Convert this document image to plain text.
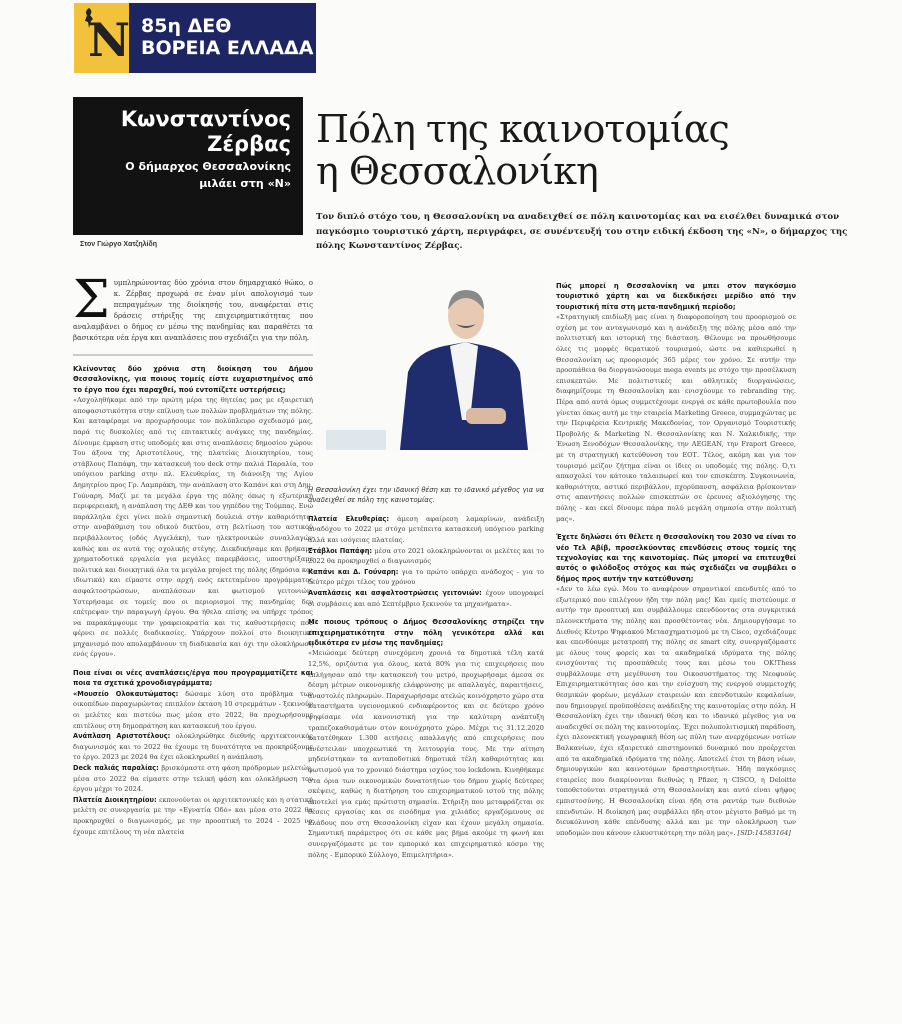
N 85η ΔΕΘ
ΒΟΡΕΙΑ ΕΛΛΑΔΑ
Κωνσταντίνος
Ζέρβας
Ο δήμαρχος Θεσσαλονίκης
μιλάει στη «Ν»
Στον Γιώργο Χατζηλίδη
Πόλη της καινοτομίας
η Θεσσαλονίκη
Τον διπλό στόχο του, η Θεσσαλονίκη να αναδειχθεί σε πόλη καινοτομίας και να εισέλθει δυναμικά στον παγκόσμιο τουριστικό χάρτη, περιγράφει, σε συνέντευξή του στην ειδική έκδοση της «Ν», ο δήμαρχος της πόλης Κωνσταντίνος Ζέρβας.
Συμπληρώνοντας δύο χρόνια στον δημαρχιακό θώκο, ο κ. Ζέρβας προχωρά σε έναν μίνι απολογισμό των πεπραγμένων της διοίκησής του, αναφέρεται στις δράσεις στήριξης της επιχειρηματικότητας που αναλαμβάνει ο δήμος εν μέσω της πανδημίας και παραθέτει τα βασικότερα νέα έργα και αναπλάσεις που σχεδιάζει για την πόλη.

Κλείνοντας δύο χρόνια στη διοίκηση του Δήμου Θεσσαλονίκης, για ποιους τομείς είστε ευχαριστημένος από το έργο που έχει παραχθεί, πού εντοπίζετε υστερήσεις;

«Ασχοληθήκαμε από την πρώτη μέρα της θητείας μας με εξαιρετική αποφασιστικότητα στην επίλυση των πολλών προβλημάτων της πόλης. Και καταφέραμε να προχωρήσουμε τον πολύπλευρο σχεδιασμό μας, παρά τις δυσκολίες από τις επιτακτικές ανάγκες της πανδημίας. Δίνουμε έμφαση στις υποδομές και στις αναπλάσεις δημοσίου χώρου: Του άξονα της Αριστοτέλους, της πλατείας Διοικητηρίου, τους στάβλους Παπάφη, την κατασκευή του deck στην παλιά Παραλία, του υπόγειου parking στην πλ. Ελευθερίας, τη διάνοιξη της Αγίου Δημητρίου προς Γρ. Λαμπράκη, την ανάπλαση στο Καπάνι και στη Δημ. Γούναρη. Μαζί με τα μεγάλα έργα της πόλης όπως η εξωτερική περιφερειακή, η ανάπλαση της ΔΕΘ και του γηπέδου της Τούμπας. Ενώ παράλληλα έχει γίνει πολύ σημαντική δουλειά στην καθαριότητα, στην αναβάθμιση του οδικού δικτύου, στη βελτίωση του αστικού περιβάλλοντος (οδός Αγγελάκη), των ηλεκτρονικών συναλλαγών καθώς και σε αυτά της σχολικής στέγης. Διεκδικήσαμε και βρήκαμε χρηματοδοτικά εργαλεία για μεγάλες παρεμβάσεις, υποστηρίξαμε πολιτικά και διοικητικά όλα τα μεγάλα project της πόλης (δημόσια και ιδιωτικά) και είμαστε στην αρχή ενός εκτεταμένου προγράμματος ασφαλτοστρώσεων, αναπλάσεων και φωτισμού γειτονιών. Υστερήσαμε σε τομείς που οι περιορισμοί της πανδημίας δεν επέτρεψαν την παραγωγή έργου. Θα ήθελα επίσης να υπήρχε τρόπος να παρακάμψουμε την γραφειοκρατία και τις καθυστερήσεις που φέρνει σε πολλές διαδικασίες. Υπάρχουν πολλοί στο διοικητικό μηχανισμό που απολαμβάνουν τη διαδικασία και όχι την ολοκλήρωση ενός έργου».

Ποια είναι οι νέες αναπλάσεις/έργα που προγραμματίζετε και ποια τα σχετικά χρονοδιαγράμματα;

«Μουσείο Ολοκαυτώματος: δώσαμε λύση στο πρόβλημα των οικοπέδων παραχωρώντας επιπλέον έκταση 10 στρεμμάτων - ξεκινούν οι μελέτες και πιστεύω πως μέσα στο 2022, θα προχωρήσουμε επιτέλους στη δημοπράτηση και κατασκευή του έργου.

Ανάπλαση Αριστοτέλους: ολοκληρώθηκε διεθνής αρχιτεκτονικός διαγωνισμός και το 2022 θα έχουμε τη δυνατότητα να προκηρύξουμε το έργο. 2023 με 2024 θα έχει ολοκληρωθεί η ανάπλαση.

Deck παλιάς παραλίας: βρισκόμαστε στη φάση πρόδρομων μελετών, μέσα στο 2022 θα είμαστε στην τελική φάση και ολοκλήρωση του έργου μέχρι το 2024.

Πλατεία Διοικητηρίου: εκπονούνται οι αρχιτεκτονικές και η στατική μελέτη σε συνεργασία με την «Εγνατία Οδό» και μέσα στο 2022 θα προκηρυχθεί ο διαγωνισμός, με την προοπτική το 2024 - 2025 να έχουμε επιτέλους τη νέα πλατεία

Η Θεσσαλονίκη έχει την ιδανική θέση και το ιδανικό μέγεθος για να αναδειχθεί σε πόλη της καινοτομίας.

Πλατεία Ελευθερίας: άμεση αφαίρεση λαμαρίνων, ανάδειξη αναδόχου το 2022 με στόχο μετέπειτα κατασκευή υπόγειου parking αλλά και ισόγειας πλατείας.

Στάβλοι Παπάφη: μέσα στο 2021 ολοκληρώνονται οι μελέτες και το 2022 θα προκηρυχθεί ο διαγωνισμός

Καπάνι και Δ. Γούναρη: για το πρώτο υπάρχει ανάδοχος - για το δεύτερο μέχρι τέλος του χρόνου

Αναπλάσεις και ασφαλτοστρώσεις γειτονιών: έχουν υπογραφεί οι συμβάσεις και από Σεπτέμβριο ξεκινούν τα μηχανήματα».

Με ποιους τρόπους ο Δήμος Θεσσαλονίκης στηρίζει την επιχειρηματικότητα στην πόλη γενικότερα αλλά και ειδικότερα εν μέσω της πανδημίας;

«Μειώσαμε δεύτερη συνεχόμενη χρονιά τα δημοτικά τέλη κατά 12,5%, οριζόντια για όλους, κατά 80% για τις επιχειρήσεις που επλήγησαν από την κατασκευή του μετρό, προχωρήσαμε άμεσα σε δέσμη μέτρων οικονομικής ελάφρυνσης με απαλλαγές, παραιτήσεις, αναστολές πληρωμών. Παραχωρήσαμε ατελώς κοινόχρηστο χώρο στα καταστήματα υγειονομικού ενδιαφέροντος και σε δεύτερο χρόνο ψηφίσαμε νέα κανονιστική για την καλύτερη ανάπτυξη τραπεζοκαθισμάτων στον κοινόχρηστο χώρο. Μέχρι τις 31.12.2020 κατατέθηκαν 1.300 αιτήσεις απαλλαγής από επιχειρήσεις που ανέστειλαν υποχρεωτικά τη λειτουργία τους. Με την αίτηση μηδενίστηκαν τα ανταποδοτικά δημοτικά τέλη καθαριότητας και φωτισμού για το χρονικό διάστημα ισχύος του lockdown. Κινηθήκαμε στα όρια των οικονομικών δυνατοτήτων του δήμου χωρίς δεύτερες σκέψεις, καθώς η διατήρηση του επιχειρηματικού ιστού της πόλης αποτελεί για εμάς πρώτιστη σημασία. Στήριξη που μεταφράζεται σε θέσεις εργασίας και σε εισόδημα για χιλιάδες εργαζόμενους σε κλάδους που στη Θεσσαλονίκη είχαν και έχουν μεγάλη σημασία. Σημαντική παράμετρος ότι σε κάθε μας βήμα ακούμε τη φωνή και συνεργαζόμαστε με τον εμπορικό και επιχειρηματικό κόσμο της πόλης - Εμπορικό Σύλλογο, Επιμελητήρια».

Πώς μπορεί η Θεσσαλονίκη να μπει στον παγκόσμιο τουριστικό χάρτη και να διεκδικήσει μερίδιο από την τουριστική πίτα στη μετα-πανδημική περίοδο;

«Στρατηγική επιδίωξή μας είναι η διαφοροποίηση του προορισμού σε σχέση με τον ανταγωνισμό και η ανάδειξη της πόλης μέσα από την πολιτιστική και ιστορική της διάσταση. Θέλουμε να προωθήσουμε όλες τις μορφές θεματικού τουρισμού, ώστε να καθιερωθεί η Θεσσαλονίκη ως προορισμός 365 μέρες τον χρόνο. Σε αυτήν την προσπάθεια θα διοργανώσουμε mega events με στόχο την προσέλκυση επισκεπτών. Με πολιτιστικές και αθλητικές διοργανώσεις, διαφημίζουμε τη Θεσσαλονίκη και ενισχύουμε το rebranding της. Πέρα από αυτά όμως συμμετέχουμε ενεργά σε κάθε πρωτοβουλία που γίνεται όπως αυτή με την εταιρεία Marketing Greece, συμμαχώντας με την Περιφέρεια Κεντρικής Μακεδονίας, τον Οργανισμό Τουριστικής Προβολής & Marketing Ν. Θεσσαλονίκης και Ν. Χαλκιδικής, την Ένωση Ξενοδόχων Θεσσαλονίκης, την AEGEAN, την Fraport Greece, με τη στρατηγική κατεύθυνση του ΕΟΤ. Τέλος, ακόμη και για τον τουρισμό μείζον ζήτημα είναι οι ίδιες οι υποδομές της πόλης. Ό,τι απασχολεί τον κάτοικο ταλαιπωρεί και τον επισκέπτη. Συγκοινωνία, καθαριότητα, αστικό περιβάλλον, πχορύπανση, ασφάλεια βρίσκονταν στις απαντήσεις πολλών επισκεπτών σε έρευνες αξιολόγησης της πόλης - και εκεί δίνουμε πάρα πολύ μεγάλη σημασία στην πολιτική μας».

Έχετε δηλώσει ότι θέλετε η Θεσσαλονίκη του 2030 να είναι το νέο Τελ Αβίβ, προσελκύοντας επενδύσεις στους τομείς της τεχνολογίας και της καινοτομίας. Πώς μπορεί να επιτευχθεί αυτός ο φιλόδοξος στόχος και πώς σχεδιάζει να συμβάλει ο δήμος προς αυτήν την κατεύθυνση;

«Δεν το λέω εγώ. Μου το αναφέρουν σημαντικοί επενδυτές από το εξωτερικό που επιλέγουν ήδη την πόλη μας! Και εμείς πιστεύουμε σ αυτήν την προοπτική και συμβάλλουμε επενδύοντας στα συγκριτικά πλεονεκτήματα της πόλης και προσθέτοντας νέα. Δημιουργήσαμε το Διεθνές Κέντρο Ψηφιακού Μετασχηματισμού με τη Cisco, σχεδιάζουμε και επενδύουμε μετατροπή της πόλης σε smart city, συνεργαζόμαστε με όλους τους φορείς και τα ακαδημαϊκά ιδρύματα της πόλης ενισχύοντας τις προσπάθειές τους και μέσω του OK!Thess συμβάλλουμε στη μεγέθυνση του Οικοσυστήματος της Νεοφυούς Επιχειρηματικότητας όσο και την ενίσχυση της ενεργού συμμετοχής θεσμικών φορέων, μεγάλων εταιρειών και επενδυτικών κεφαλαίων, που δημιουργεί προϋποθέσεις ανάδειξης της καινοτομίας στην πόλη. Η Θεσσαλονίκη έχει την ιδανική θέση και το ιδανικό μέγεθος για να αναδειχθεί σε πόλη της καινοτομίας. Έχει πολυπολιτισμική παράδοση, έχει πλεονεκτική γεωγραφική θέση ως πύλη των ανερχόμενων νοτίων Βαλκανίων, έχει εξαιρετικό επιστημονικό δυναμικό που προέρχεται από τα ακαδημαϊκά ιδρύματα της πόλης. Αποτελεί έτσι τη βάση νέων, δημιουργικών και καινοτόμων δραστηριοτήτων. Ήδη παγκόσμιες εταιρείες που διακρίνονται διεθνώς η Pfizer, η CISCO, η Deloitte τοποθετούνται στρατηγικά στη Θεσσαλονίκη και αυτό είναι ψήφος εμπιστοσύνης. Η Θεσσαλονίκη είναι ήδη στα ραντάρ των διεθνών επενδυτών. Η διοίκησή μας συμβάλλει ήδη στον μέγιστο βαθμό με τη διευκόλυνση κάθε επένδυσης αλλά και με την ολοκλήρωση των υποδομών που κάνουν ελκυστικότερη την πόλη μας». [SID:14583164]
